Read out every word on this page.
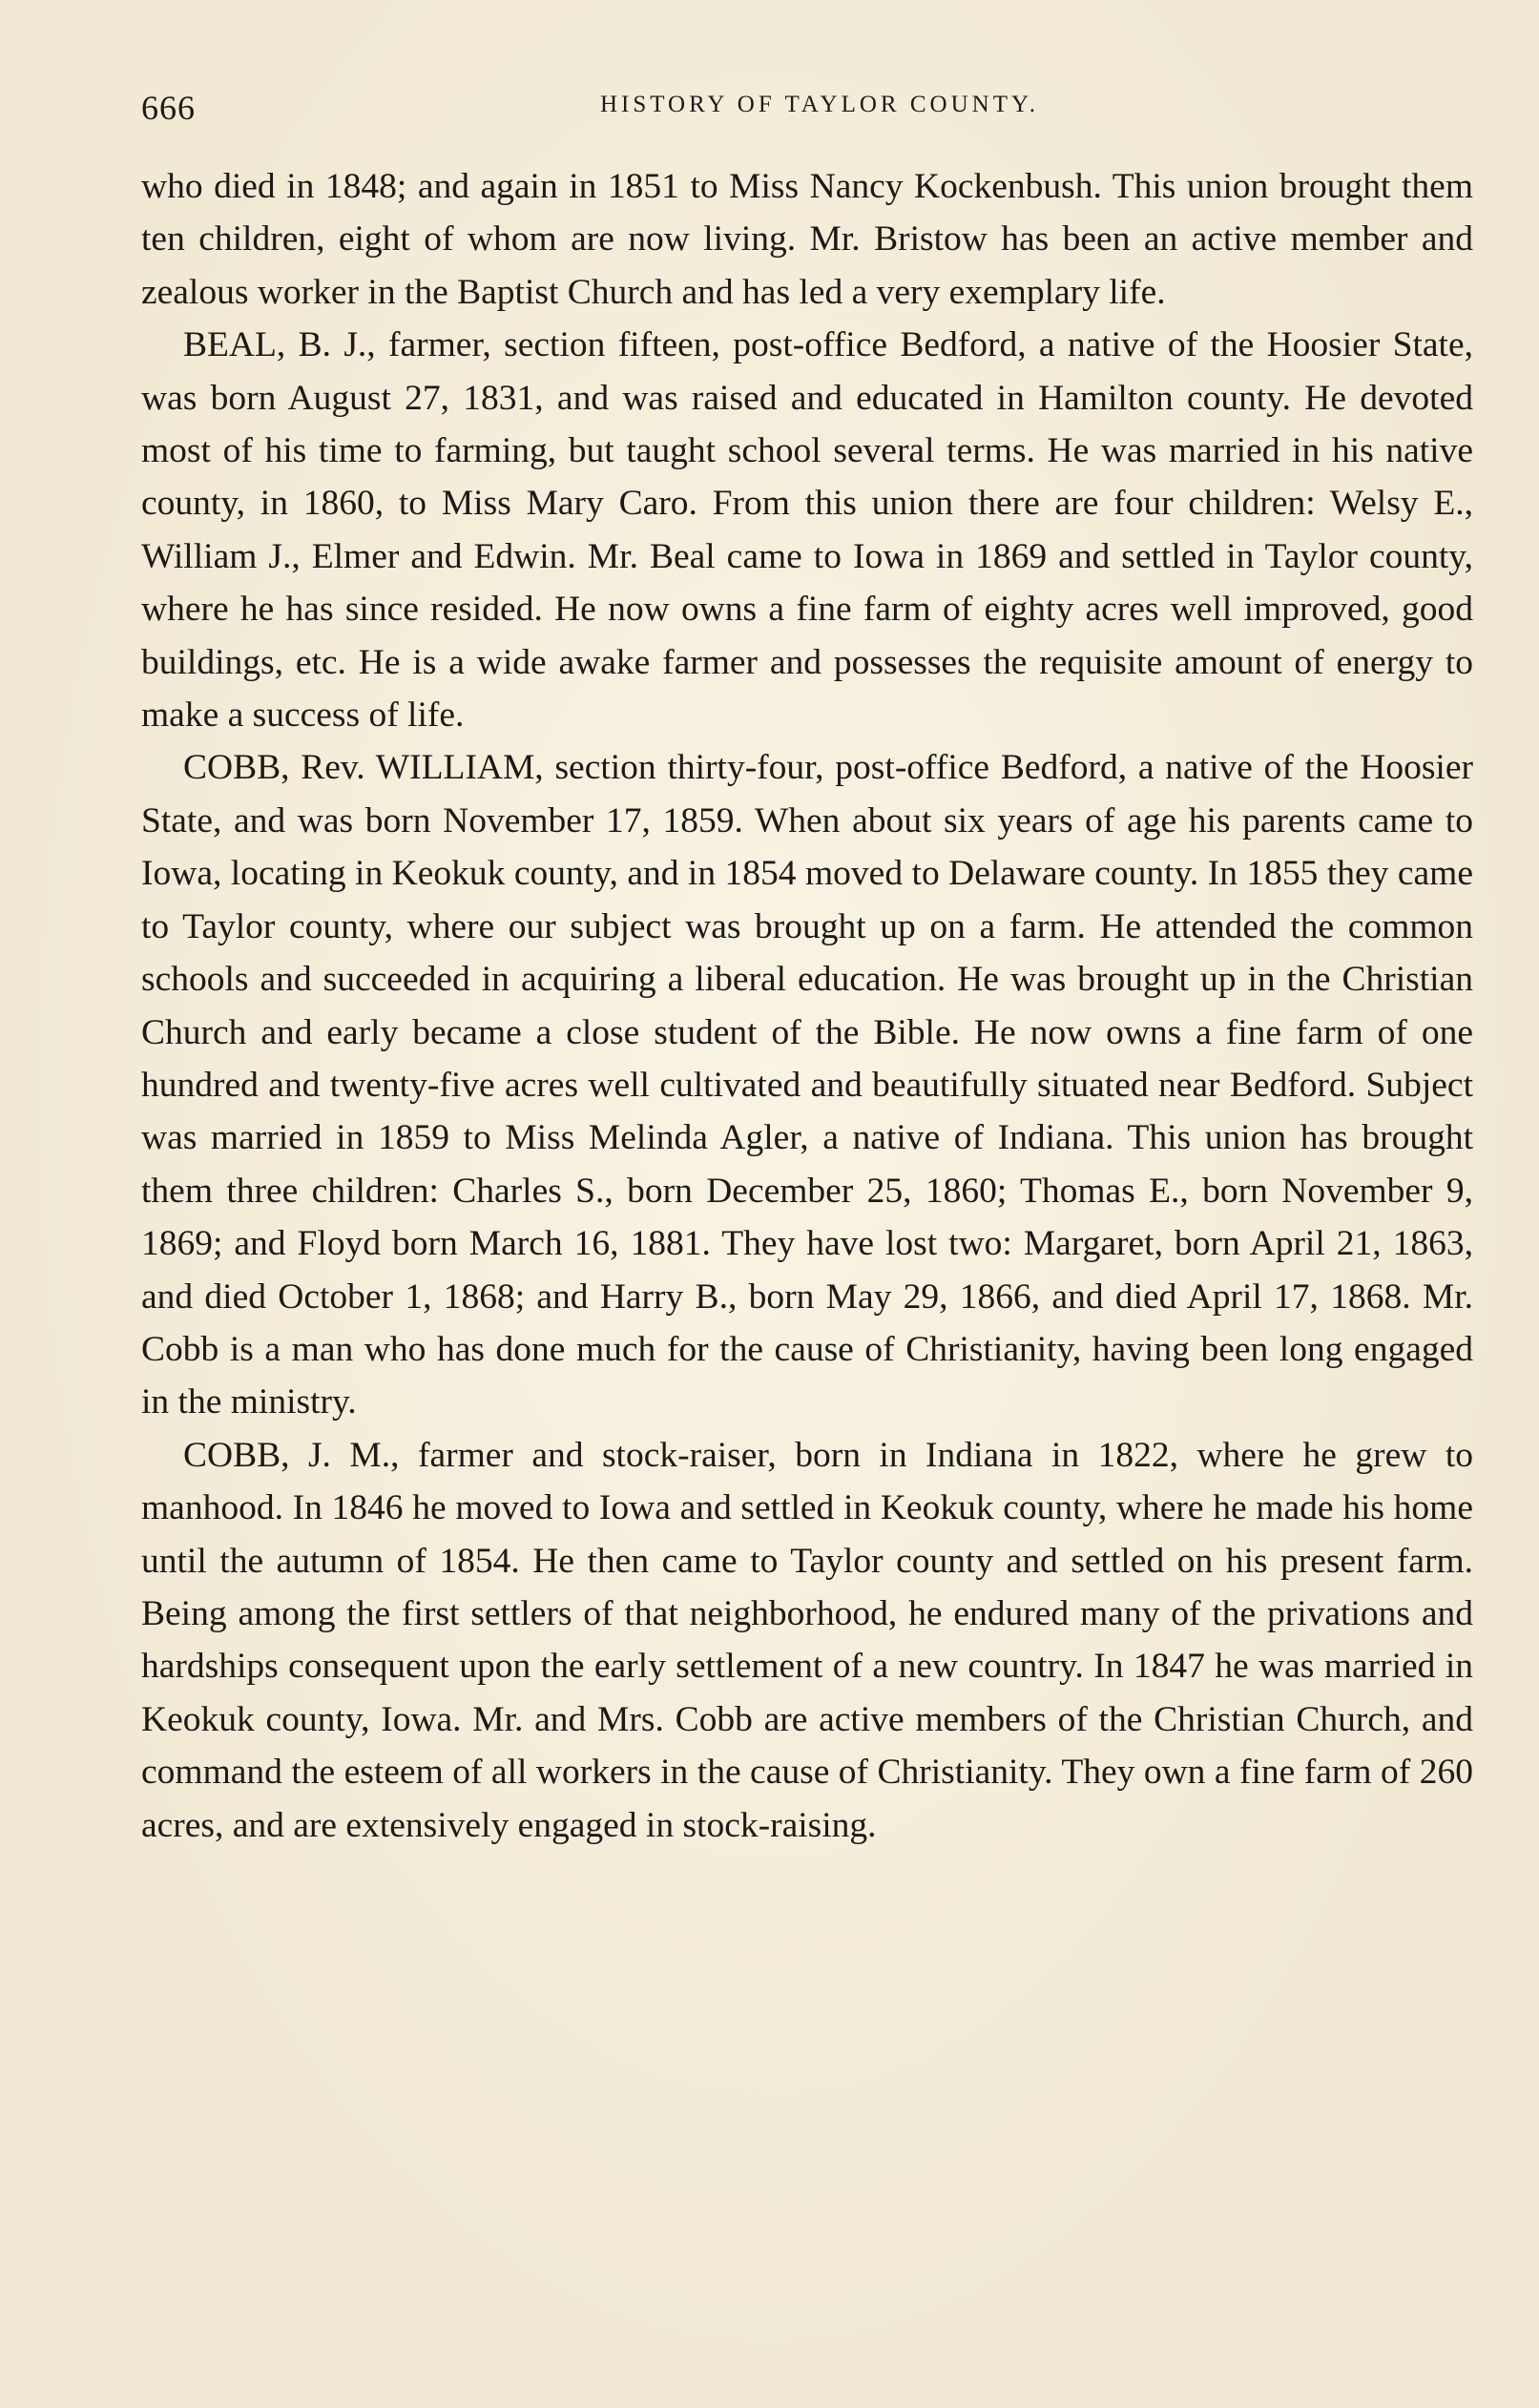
666	HISTORY OF TAYLOR COUNTY.

who died in 1848; and again in 1851 to Miss Nancy Kockenbush. This union brought them ten children, eight of whom are now living. Mr. Bristow has been an active member and zealous worker in the Baptist Church and has led a very exemplary life.

BEAL, B. J., farmer, section fifteen, post-office Bedford, a native of the Hoosier State, was born August 27, 1831, and was raised and educated in Hamilton county. He devoted most of his time to farming, but taught school several terms. He was married in his native county, in 1860, to Miss Mary Caro. From this union there are four children: Welsy E., William J., Elmer and Edwin. Mr. Beal came to Iowa in 1869 and settled in Taylor county, where he has since resided. He now owns a fine farm of eighty acres well improved, good buildings, etc. He is a wide awake farmer and possesses the requisite amount of energy to make a success of life.

COBB, Rev. WILLIAM, section thirty-four, post-office Bedford, a native of the Hoosier State, and was born November 17, 1859. When about six years of age his parents came to Iowa, locating in Keokuk county, and in 1854 moved to Delaware county. In 1855 they came to Taylor county, where our subject was brought up on a farm. He attended the common schools and succeeded in acquiring a liberal education. He was brought up in the Christian Church and early became a close student of the Bible. He now owns a fine farm of one hundred and twenty-five acres well cultivated and beautifully situated near Bedford. Subject was married in 1859 to Miss Melinda Agler, a native of Indiana. This union has brought them three children: Charles S., born December 25, 1860; Thomas E., born November 9, 1869; and Floyd born March 16, 1881. They have lost two: Margaret, born April 21, 1863, and died October 1, 1868; and Harry B., born May 29, 1866, and died April 17, 1868. Mr. Cobb is a man who has done much for the cause of Christianity, having been long engaged in the ministry.

COBB, J. M., farmer and stock-raiser, born in Indiana in 1822, where he grew to manhood. In 1846 he moved to Iowa and settled in Keokuk county, where he made his home until the autumn of 1854. He then came to Taylor county and settled on his present farm. Being among the first settlers of that neighborhood, he endured many of the privations and hardships consequent upon the early settlement of a new country. In 1847 he was married in Keokuk county, Iowa. Mr. and Mrs. Cobb are active members of the Christian Church, and command the esteem of all workers in the cause of Christianity. They own a fine farm of 260 acres, and are extensively engaged in stock-raising.
